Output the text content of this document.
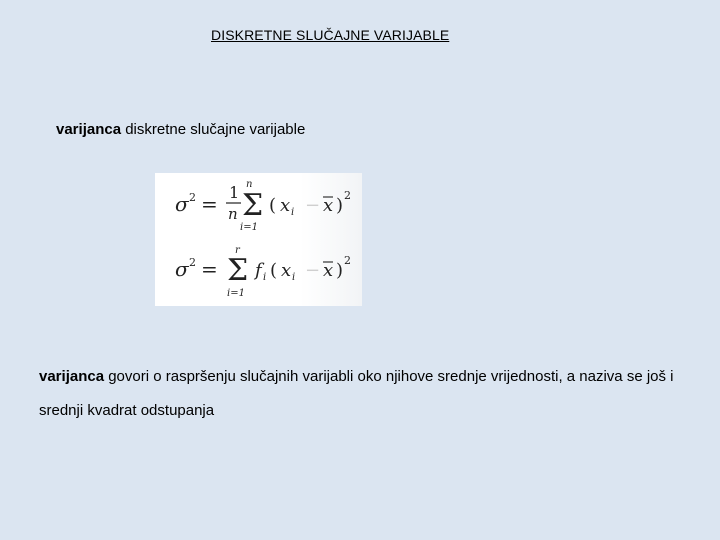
DISKRETNE SLUČAJNE VARIJABLE
varijanca diskretne slučajne varijable
σ 2 = 1
n
n
Σ
i=1
( x i − x ) 2
σ 2 =
r
Σ
i=1
f i ( x i − x ) 2
varijanca govori o raspršenju slučajnih varijabli oko njihove srednje vrijednosti, a naziva se još i srednji kvadrat odstupanja
